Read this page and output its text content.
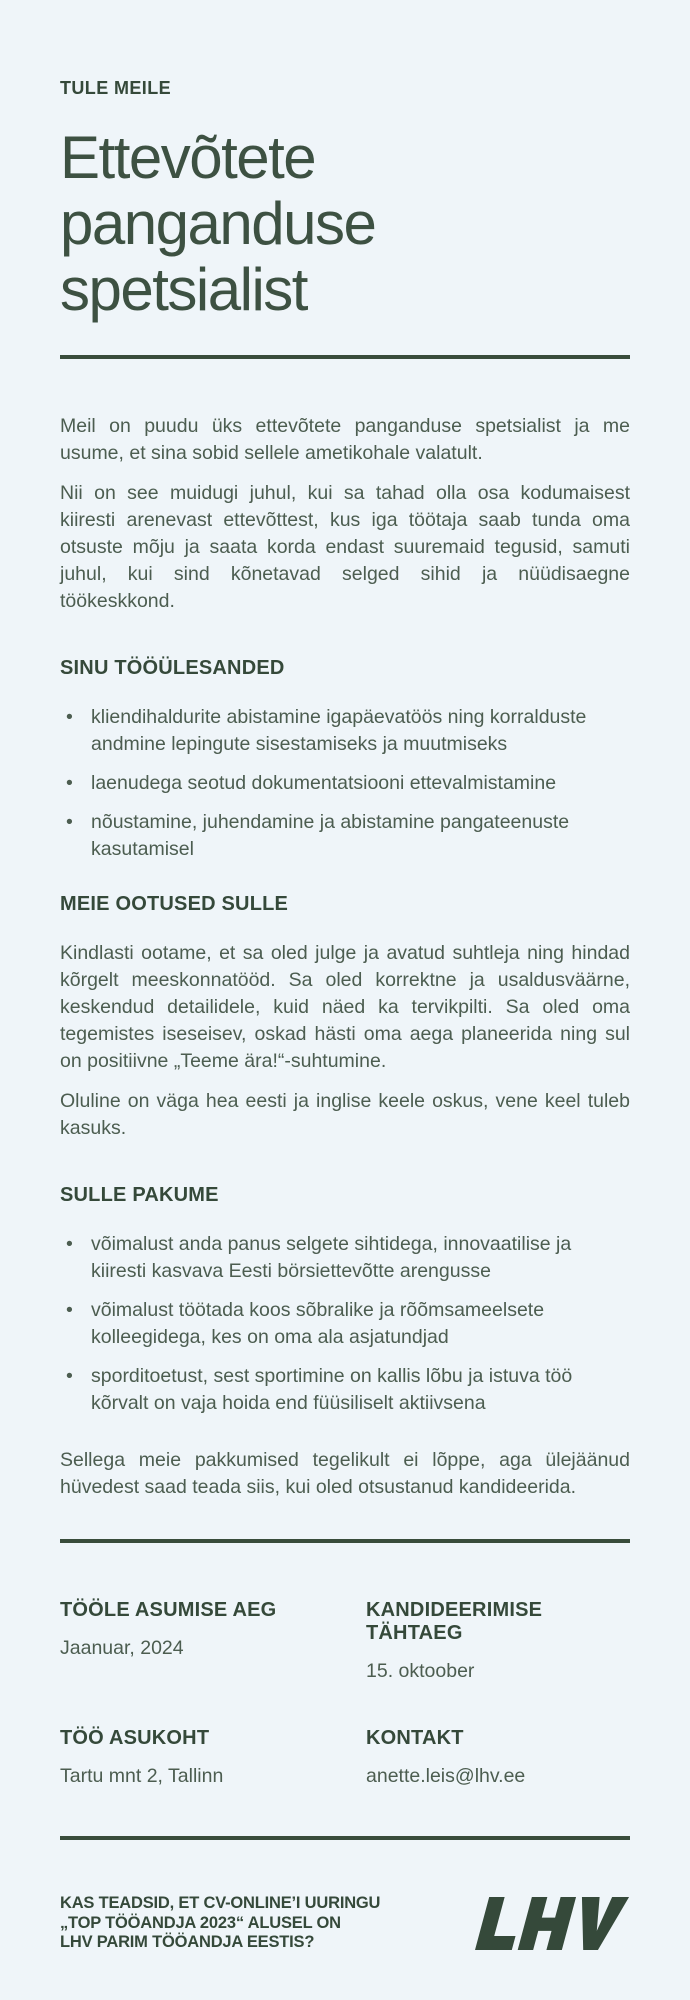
TULE MEILE

Ettevõtete
panganduse
spetsialist

Meil on puudu üks ettevõtete panganduse spetsialist ja me usume, et sina sobid sellele ametikohale valatult.

Nii on see muidugi juhul, kui sa tahad olla osa kodumaisest kiiresti arenevast ettevõttest, kus iga töötaja saab tunda oma otsuste mõju ja saata korda endast suuremaid tegusid, samuti juhul, kui sind kõnetavad selged sihid ja nüüdisaegne töökeskkond.

SINU TÖÖÜLESANDED
• kliendihaldurite abistamine igapäevatöös ning korralduste andmine lepingute sisestamiseks ja muutmiseks
• laenudega seotud dokumentatsiooni ettevalmistamine
• nõustamine, juhendamine ja abistamine pangateenuste kasutamisel
MEIE OOTUSED SULLE

Kindlasti ootame, et sa oled julge ja avatud suhtleja ning hindad kõrgelt meeskonnatööd. Sa oled korrektne ja usaldusväärne, keskendud detailidele, kuid näed ka tervikpilti. Sa oled oma tegemistes iseseisev, oskad hästi oma aega planeerida ning sul on positiivne „Teeme ära!“-suhtumine.

Oluline on väga hea eesti ja inglise keele oskus, vene keel tuleb kasuks.

SULLE PAKUME
• võimalust anda panus selgete sihtidega, innovaatilise ja kiiresti kasvava Eesti börsiettevõtte arengusse
• võimalust töötada koos sõbralike ja rõõmsameelsete kolleegidega, kes on oma ala asjatundjad
• sporditoetust, sest sportimine on kallis lõbu ja istuva töö kõrvalt on vaja hoida end füüsiliselt aktiivsena

Sellega meie pakkumised tegelikult ei lõppe, aga ülejäänud hüvedest saad teada siis, kui oled otsustanud kandideerida.

TÖÖLE ASUMISE AEG

Jaanuar, 2024

KANDIDEERIMISE TÄHTAEG

15. oktoober

TÖÖ ASUKOHT

Tartu mnt 2, Tallinn

KONTAKT

anette.leis@lhv.ee

KAS TEADSID, ET CV-ONLINE’I UURINGU
„TOP TÖÖANDJA 2023“ ALUSEL ON
LHV PARIM TÖÖANDJA EESTIS?
